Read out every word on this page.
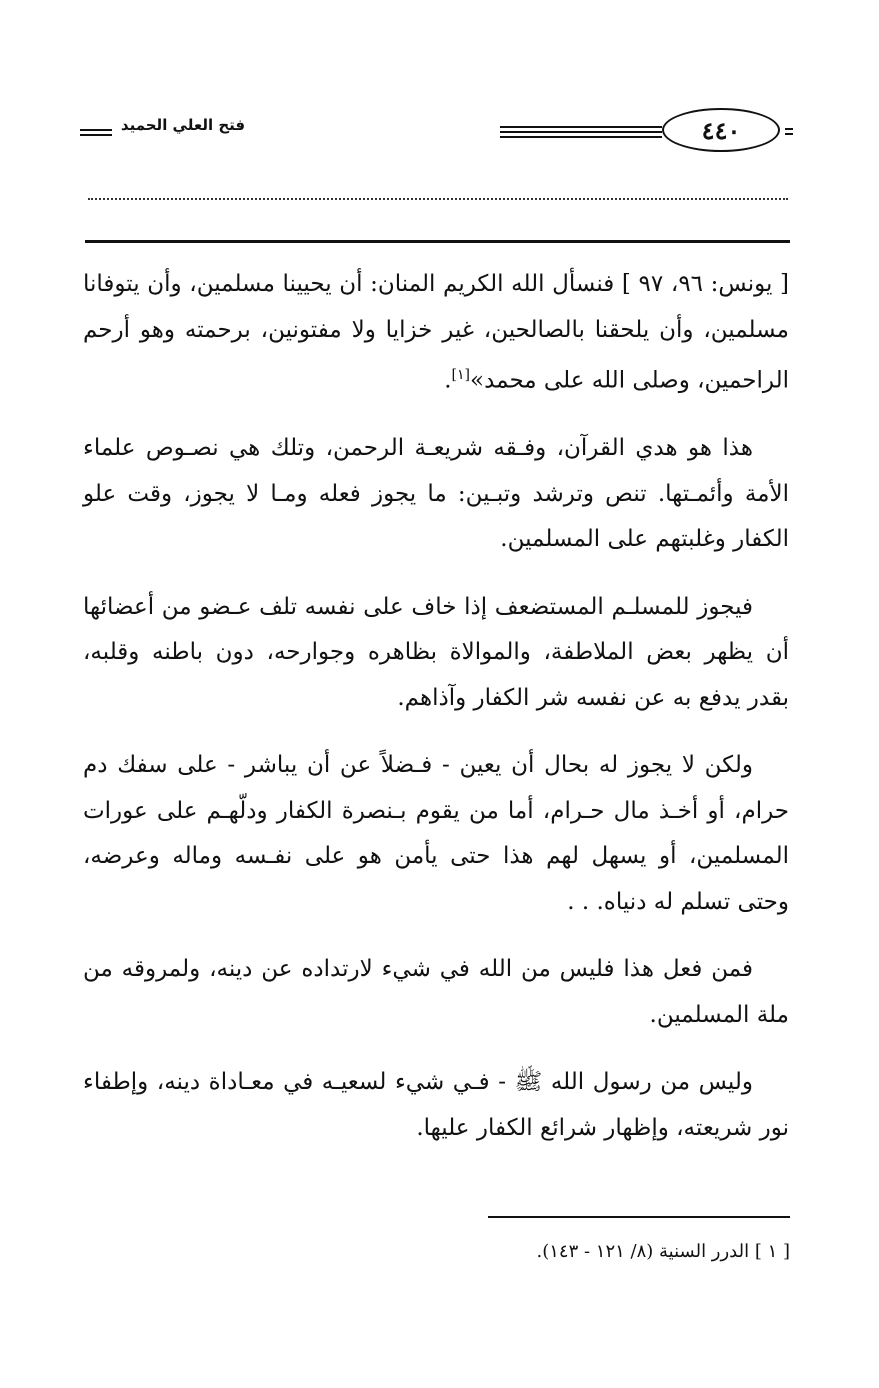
٤٤٠
فتح العلي الحميد

[ يونس: ٩٦، ٩٧ ] فنسأل الله الكريم المنان: أن يحيينا مسلمين، وأن يتوفانا مسلمين، وأن يلحقنا بالصالحين، غير خزايا ولا مفتونين، برحمته وهو أرحم الراحمين، وصلى الله على محمد»[١].

هذا هو هدي القرآن، وفـقه شريعـة الرحمن، وتلك هي نصـوص علماء الأمة وأئمـتها. تنص وترشد وتبـين: ما يجوز فعله ومـا لا يجوز، وقت علو الكفار وغلبتهم على المسلمين.

فيجوز للمسلـم المستضعف إذا خاف على نفسه تلف عـضو من أعضائها أن يظهر بعض الملاطفة، والموالاة بظاهره وجوارحه، دون باطنه وقلبه، بقدر يدفع به عن نفسه شر الكفار وآذاهم.

ولكن لا يجوز له بحال أن يعين - فـضلاً عن أن يباشر - على سفك دم حرام، أو أخـذ مال حـرام، أما من يقوم بـنصرة الكفار ودلّهـم على عورات المسلمين، أو يسهل لهم هذا حتى يأمن هو على نفـسه وماله وعرضه، وحتى تسلم له دنياه. . .

فمن فعل هذا فليس من الله في شيء لارتداده عن دينه، ولمروقه من ملة المسلمين.

وليس من رسول الله ﷺ - فـي شيء لسعيـه في معـاداة دينه، وإطفاء نور شريعته، وإظهار شرائع الكفار عليها.

[ ١ ] الدرر السنية (٨/ ١٢١ - ١٤٣).
